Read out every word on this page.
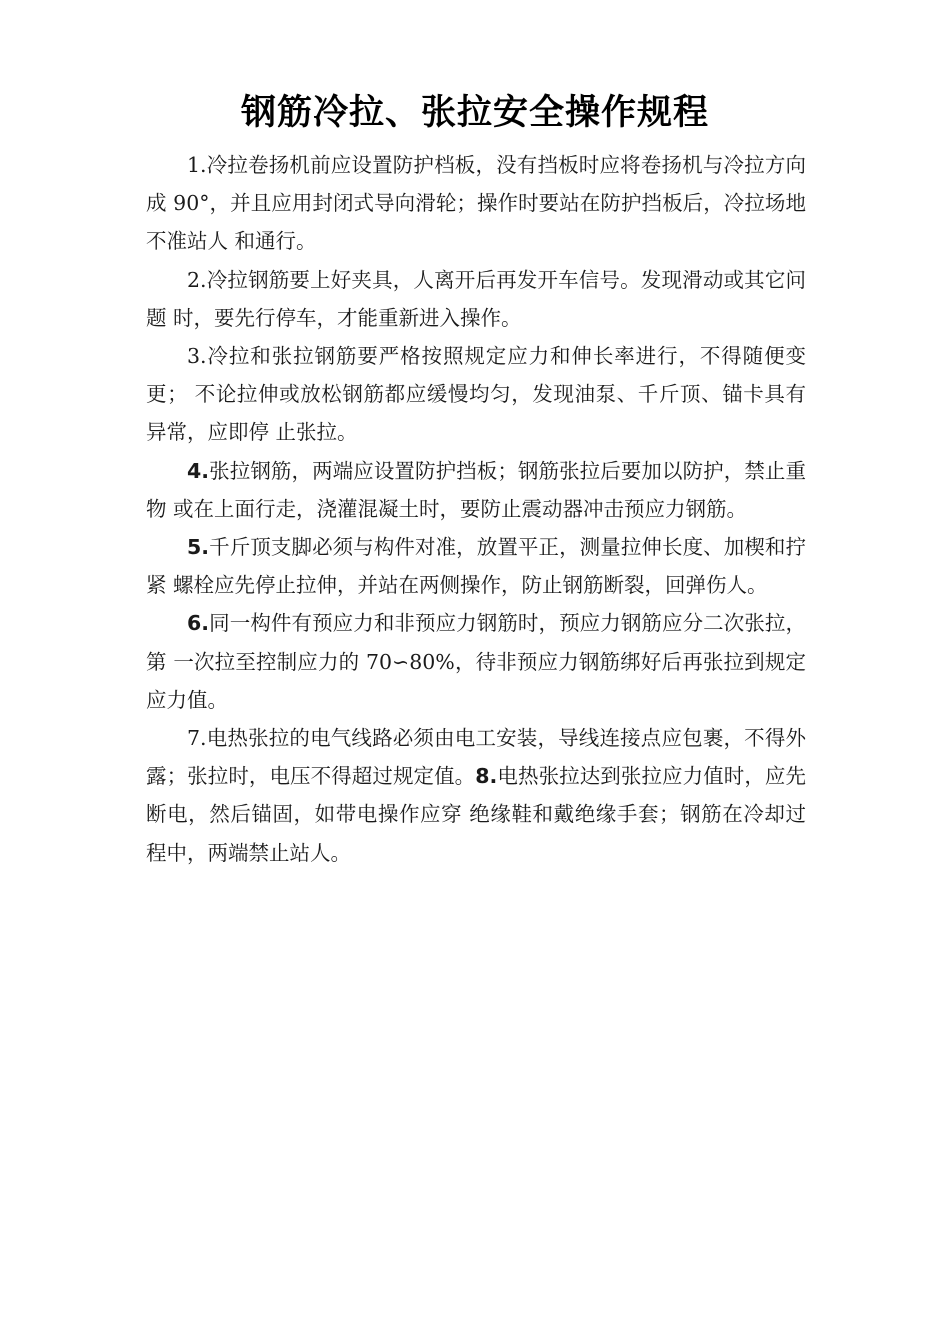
钢筋冷拉、张拉安全操作规程

1.冷拉卷扬机前应设置防护档板，没有挡板时应将卷扬机与冷拉方向成 90°，并且应用封闭式导向滑轮；操作时要站在防护挡板后，冷拉场地不准站人 和通行。

2.冷拉钢筋要上好夹具，人离开后再发开车信号。发现滑动或其它问题 时，要先行停车，才能重新进入操作。

3.冷拉和张拉钢筋要严格按照规定应力和伸长率进行，不得随便变更； 不论拉伸或放松钢筋都应缓慢均匀，发现油泵、千斤顶、锚卡具有异常，应即停 止张拉。

4.张拉钢筋，两端应设置防护挡板；钢筋张拉后要加以防护，禁止重物 或在上面行走，浇灌混凝土时，要防止震动器冲击预应力钢筋。

5.千斤顶支脚必须与构件对准，放置平正，测量拉伸长度、加楔和拧紧 螺栓应先停止拉伸，并站在两侧操作，防止钢筋断裂，回弹伤人。

6.同一构件有预应力和非预应力钢筋时，预应力钢筋应分二次张拉，第 一次拉至控制应力的 70∽80%，待非预应力钢筋绑好后再张拉到规定应力值。

7.电热张拉的电气线路必须由电工安装，导线连接点应包裹，不得外露；张拉时，电压不得超过规定值。8.电热张拉达到张拉应力值时，应先断电，然后锚固，如带电操作应穿 绝缘鞋和戴绝缘手套；钢筋在冷却过程中，两端禁止站人。
